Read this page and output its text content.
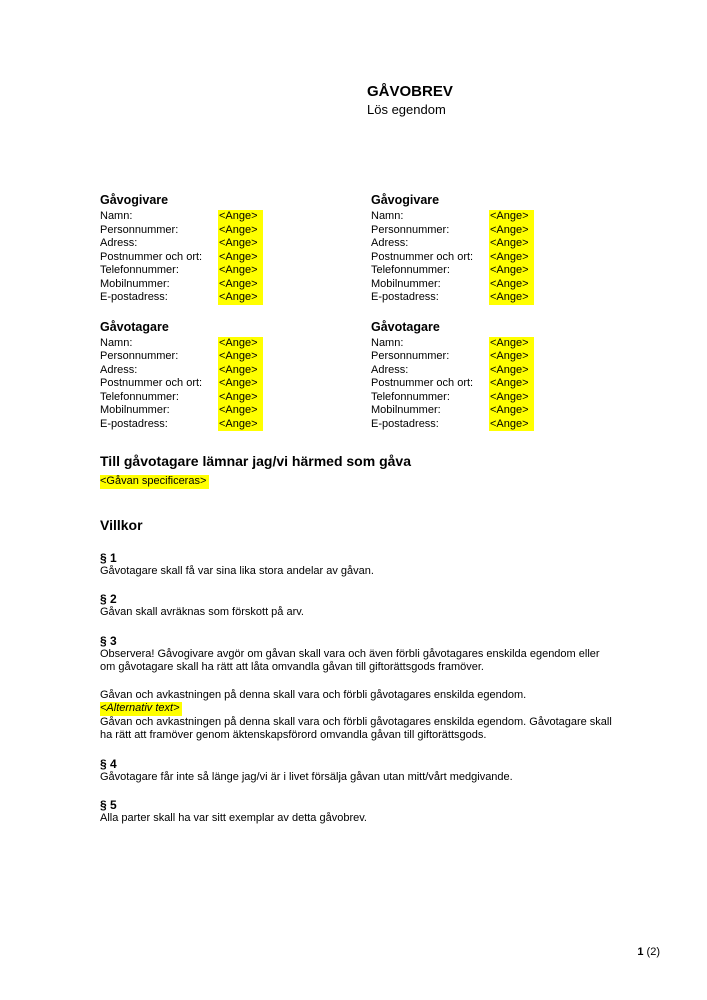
GÅVOBREV
Lös egendom
Gåvogivare
Namn:	<Ange>
Personnummer:	<Ange>
Adress:	<Ange>
Postnummer och ort:	<Ange>
Telefonnummer:	<Ange>
Mobilnummer:	<Ange>
E-postadress:	<Ange>
Gåvogivare
Namn:	<Ange>
Personnummer:	<Ange>
Adress:	<Ange>
Postnummer och ort:	<Ange>
Telefonnummer:	<Ange>
Mobilnummer:	<Ange>
E-postadress:	<Ange>
Gåvotagare
Namn:	<Ange>
Personnummer:	<Ange>
Adress:	<Ange>
Postnummer och ort:	<Ange>
Telefonnummer:	<Ange>
Mobilnummer:	<Ange>
E-postadress:	<Ange>
Gåvotagare
Namn:	<Ange>
Personnummer:	<Ange>
Adress:	<Ange>
Postnummer och ort:	<Ange>
Telefonnummer:	<Ange>
Mobilnummer:	<Ange>
E-postadress:	<Ange>
Till gåvotagare lämnar jag/vi härmed som gåva
<Gåvan specificeras>
Villkor

§ 1

Gåvotagare skall få var sina lika stora andelar av gåvan.

§ 2

Gåvan skall avräknas som förskott på arv.

§ 3

Observera! Gåvogivare avgör om gåvan skall vara och även förbli gåvotagares enskilda egendom eller om gåvotagare skall ha rätt att låta omvandla gåvan till giftorättsgods framöver.

Gåvan och avkastningen på denna skall vara och förbli gåvotagares enskilda egendom.

<Alternativ text>

Gåvan och avkastningen på denna skall vara och förbli gåvotagares enskilda egendom. Gåvotagare skall ha rätt att framöver genom äktenskapsförord omvandla gåvan till giftorättsgods.

§ 4

Gåvotagare får inte så länge jag/vi är i livet försälja gåvan utan mitt/vårt medgivande.

§ 5

Alla parter skall ha var sitt exemplar av detta gåvobrev.

1 (2)
